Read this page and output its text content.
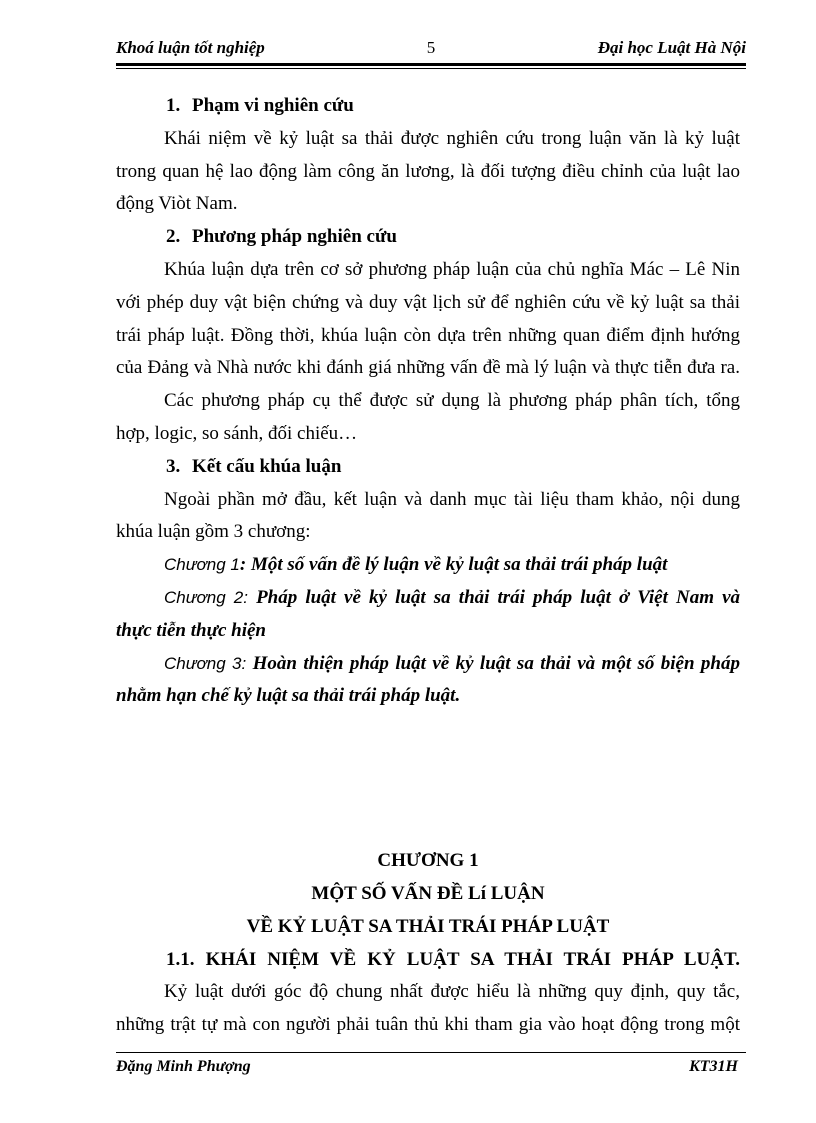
Khoá luận tốt nghiệp	5	Đại học Luật Hà Nội
1. Phạm vi nghiên cứu
Khái niệm về kỷ luật sa thải được nghiên cứu trong luận văn là kỷ luật
trong quan hệ lao động làm công ăn lương, là đối tượng điều chỉnh của luật lao
động Viòt Nam.
2. Phương pháp nghiên cứu
Khúa luận dựa trên cơ sở phương pháp luận của chủ nghĩa Mác – Lê Nin
với phép duy vật biện chứng và duy vật lịch sử để nghiên cứu về kỷ luật sa thải
trái pháp luật. Đồng thời, khúa luận còn dựa trên những quan điểm định hướng
của Đảng và Nhà nước khi đánh giá những vấn đề mà lý luận và thực tiễn đưa ra.
Các phương pháp cụ thể được sử dụng là phương pháp phân tích, tổng
hợp, logic, so sánh, đối chiếu…
3. Kết cấu khúa luận
Ngoài phần mở đầu, kết luận và danh mục tài liệu tham khảo, nội dung
khúa luận gồm 3 chương:
Chương 1: Một số vấn đề lý luận về kỷ luật sa thải trái pháp luật
Chương 2: Pháp luật về kỷ luật sa thải trái pháp luật ở Việt Nam và
thực tiễn thực hiện
Chương 3: Hoàn thiện pháp luật về kỷ luật sa thải và một số biện pháp
nhằm hạn chế kỷ luật sa thải trái pháp luật.
CHƯƠNG 1
MỘT SỐ VẤN ĐỀ Lí LUẬN
VỀ KỶ LUẬT SA THẢI TRÁI PHÁP LUẬT
1.1. KHÁI NIỆM VỀ KỶ LUẬT SA THẢI TRÁI PHÁP LUẬT.
Kỷ luật dưới góc độ chung nhất được hiểu là những quy định, quy tắc,
những trật tự mà con người phải tuân thủ khi tham gia vào hoạt động trong một
Đặng Minh Phượng	KT31H
